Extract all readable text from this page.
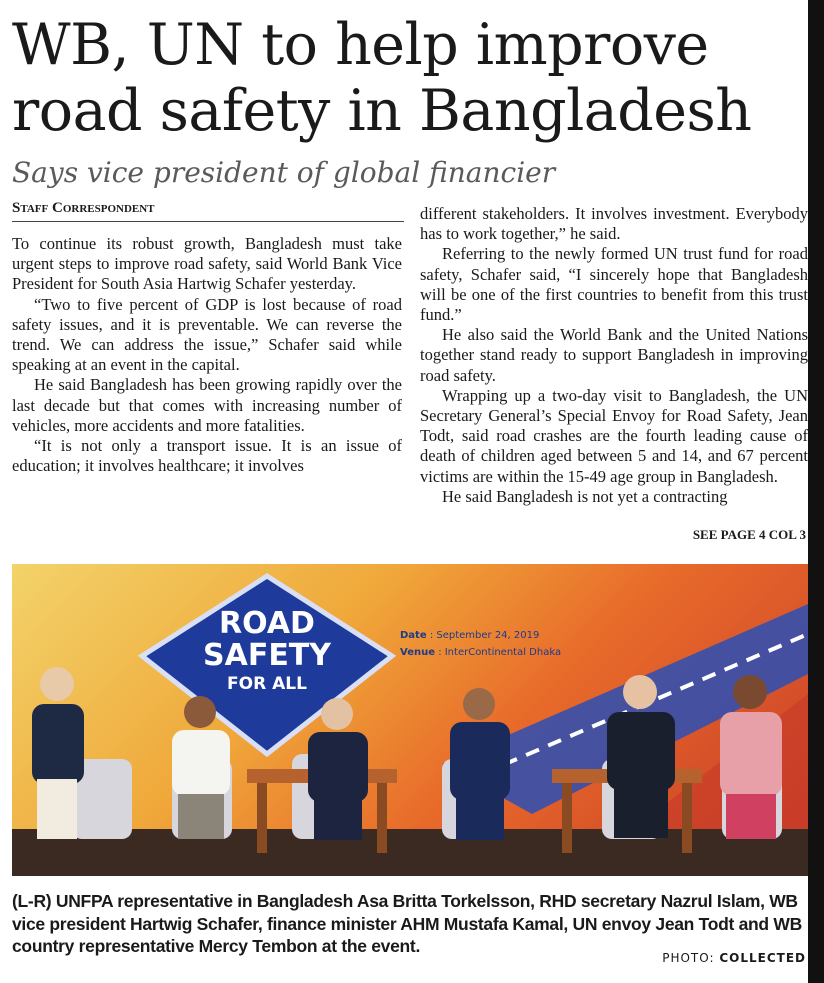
WB, UN to help improve road safety in Bangladesh
Says vice president of global financier
Staff Correspondent

To continue its robust growth, Bangladesh must take urgent steps to improve road safety, said World Bank Vice President for South Asia Hartwig Schafer yesterday.

“Two to five percent of GDP is lost because of road safety issues, and it is preventable. We can reverse the trend. We can address the issue,” Schafer said while speaking at an event in the capital.

He said Bangladesh has been growing rapidly over the last decade but that comes with increasing number of vehicles, more accidents and more fatalities.

“It is not only a transport issue. It is an issue of education; it involves healthcare; it involves

different stakeholders. It involves investment. Everybody has to work together,” he said.

Referring to the newly formed UN trust fund for road safety, Schafer said, “I sincerely hope that Bangladesh will be one of the first countries to benefit from this trust fund.”

He also said the World Bank and the United Nations together stand ready to support Bangladesh in improving road safety.

Wrapping up a two-day visit to Bangladesh, the UN Secretary General’s Special Envoy for Road Safety, Jean Todt, said road crashes are the fourth leading cause of death of children aged between 5 and 14, and 67 percent victims are within the 15-49 age group in Bangladesh.

He said Bangladesh is not yet a contracting

SEE PAGE 4 COL 3
ROAD
SAFETY
FOR ALL
Date : September 24, 2019
Venue : InterContinental Dhaka

(L-R) UNFPA representative in Bangladesh Asa Britta Torkelsson, RHD secretary Nazrul Islam, WB vice president Hartwig Schafer, finance minister AHM Mustafa Kamal, UN envoy Jean Todt and WB country representative Mercy Tembon at the event.

PHOTO: COLLECTED
